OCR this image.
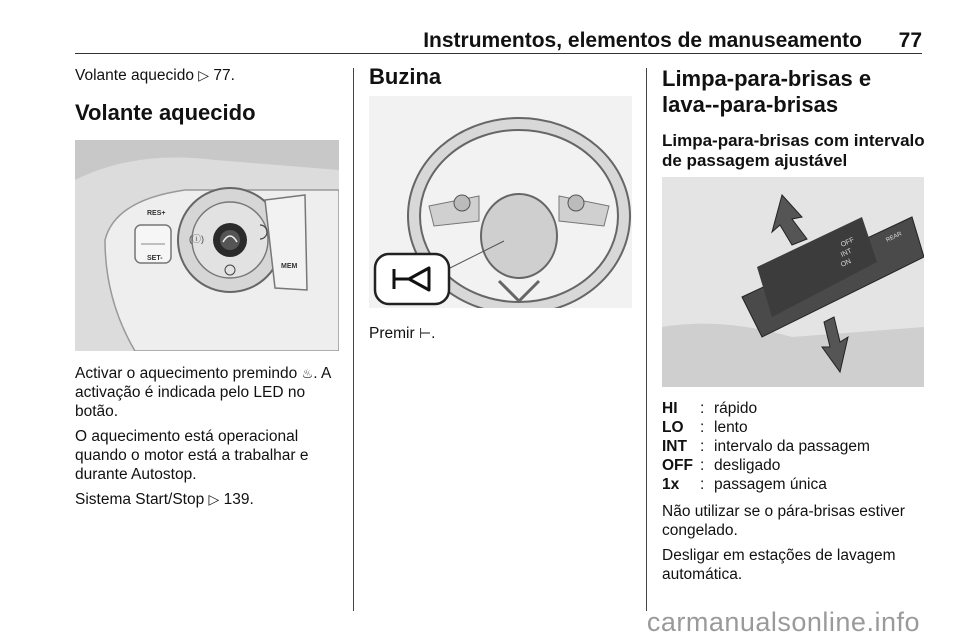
Instrumentos, elementos de manuseamento 77

Volante aquecido ▷ 77.

Volante aquecido
RES+
SET-
(ⓘ)
MEM

Activar o aquecimento premindo ♨. A activação é indicada pelo LED no botão.

O aquecimento está operacional quando o motor está a trabalhar e durante Autostop.

Sistema Start/Stop ▷ 139.

Buzina

Premir ⊢.

Limpa-para-brisas e lava--para-brisas
Limpa-para-brisas com intervalo de passagem ajustável
OFF
INT
ON
REAR
HI	:	rápido
LO	:	lento
INT	:	intervalo da passagem
OFF	:	desligado
1x	:	passagem única

Não utilizar se o pára-brisas estiver congelado.

Desligar em estações de lavagem automática.

carmanualsonline.info
